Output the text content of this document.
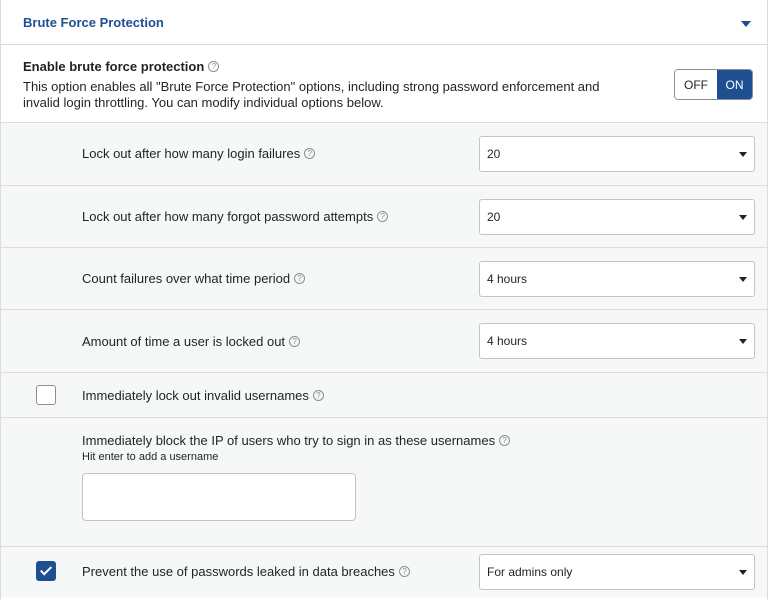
Brute Force Protection
Enable brute force protection ?
This option enables all "Brute Force Protection" options, including strong password enforcement and invalid login throttling. You can modify individual options below.
OFF	ON
Lock out after how many login failures ?	20
Lock out after how many forgot password attempts ?	20
Count failures over what time period ?	4 hours
Amount of time a user is locked out ?	4 hours
Immediately lock out invalid usernames ?
Immediately block the IP of users who try to sign in as these usernames ?
Hit enter to add a username
Prevent the use of passwords leaked in data breaches ?	For admins only
